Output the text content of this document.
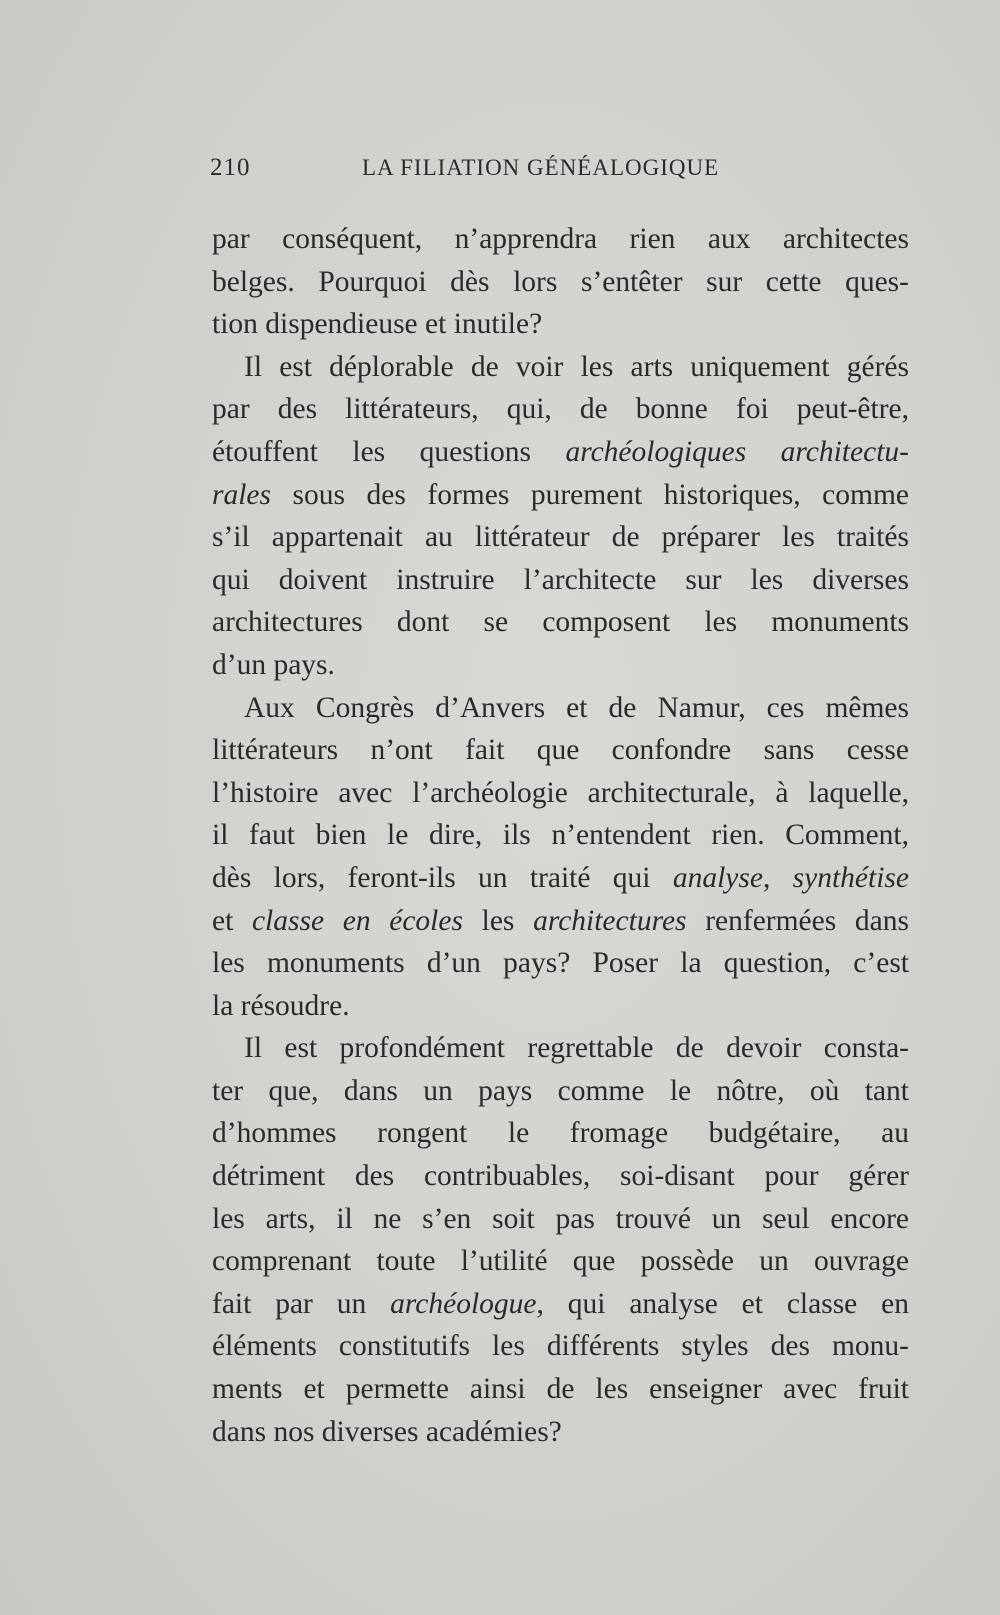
210	LA FILIATION GÉNÉALOGIQUE
par conséquent, n’apprendra rien aux architectes
belges. Pourquoi dès lors s’entêter sur cette ques-
tion dispendieuse et inutile?
Il est déplorable de voir les arts uniquement gérés
par des littérateurs, qui, de bonne foi peut-être,
étouffent les questions archéologiques architectu-
rales sous des formes purement historiques, comme
s’il appartenait au littérateur de préparer les traités
qui doivent instruire l’architecte sur les diverses
architectures dont se composent les monuments
d’un pays.
Aux Congrès d’Anvers et de Namur, ces mêmes
littérateurs n’ont fait que confondre sans cesse
l’histoire avec l’archéologie architecturale, à laquelle,
il faut bien le dire, ils n’entendent rien. Comment,
dès lors, feront-ils un traité qui analyse, synthétise
et classe en écoles les architectures renfermées dans
les monuments d’un pays? Poser la question, c’est
la résoudre.
Il est profondément regrettable de devoir consta-
ter que, dans un pays comme le nôtre, où tant
d’hommes rongent le fromage budgétaire, au
détriment des contribuables, soi-disant pour gérer
les arts, il ne s’en soit pas trouvé un seul encore
comprenant toute l’utilité que possède un ouvrage
fait par un archéologue, qui analyse et classe en
éléments constitutifs les différents styles des monu-
ments et permette ainsi de les enseigner avec fruit
dans nos diverses académies?
